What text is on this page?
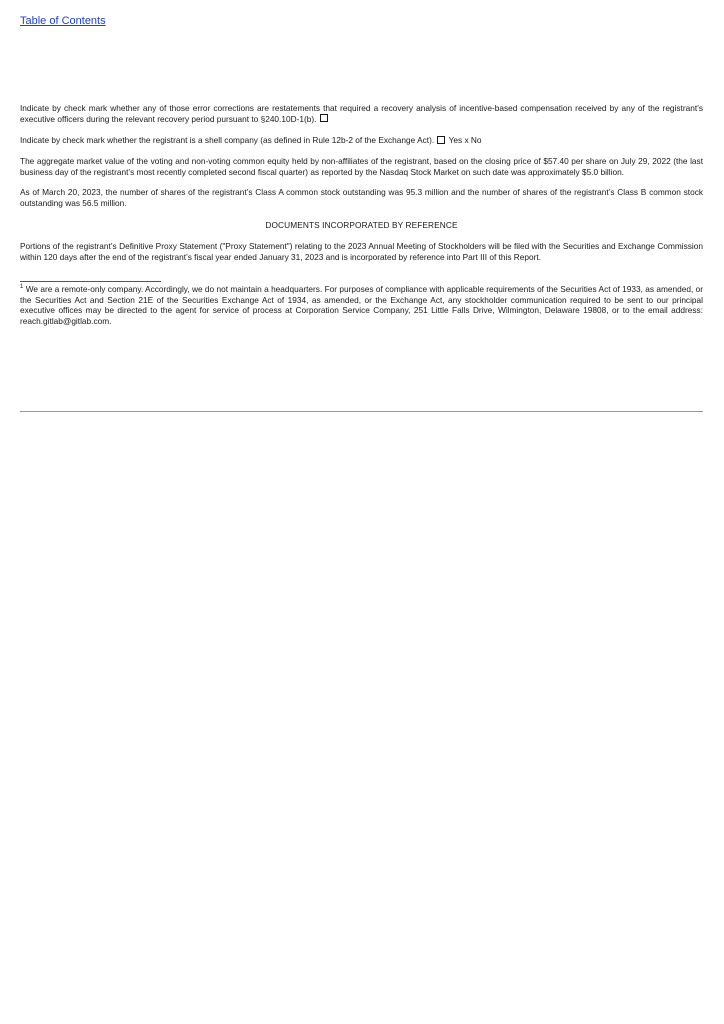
Table of Contents

Indicate by check mark whether any of those error corrections are restatements that required a recovery analysis of incentive-based compensation received by any of the registrant’s executive officers during the relevant recovery period pursuant to §240.10D-1(b).

Indicate by check mark whether the registrant is a shell company (as defined in Rule 12b-2 of the Exchange Act). Yes x No

The aggregate market value of the voting and non-voting common equity held by non-affiliates of the registrant, based on the closing price of $57.40 per share on July 29, 2022 (the last business day of the registrant’s most recently completed second fiscal quarter) as reported by the Nasdaq Stock Market on such date was approximately $5.0 billion.

As of March 20, 2023, the number of shares of the registrant’s Class A common stock outstanding was 95.3 million and the number of shares of the registrant’s Class B common stock outstanding was 56.5 million.

DOCUMENTS INCORPORATED BY REFERENCE

Portions of the registrant’s Definitive Proxy Statement ("Proxy Statement") relating to the 2023 Annual Meeting of Stockholders will be filed with the Securities and Exchange Commission within 120 days after the end of the registrant’s fiscal year ended January 31, 2023 and is incorporated by reference into Part III of this Report.

$^1$ We are a remote-only company. Accordingly, we do not maintain a headquarters. For purposes of compliance with applicable requirements of the Securities Act of 1933, as amended, or the Securities Act and Section 21E of the Securities Exchange Act of 1934, as amended, or the Exchange Act, any stockholder communication required to be sent to our principal executive offices may be directed to the agent for service of process at Corporation Service Company, 251 Little Falls Drive, Wilmington, Delaware 19808, or to the email address: reach.gitlab@gitlab.com.
